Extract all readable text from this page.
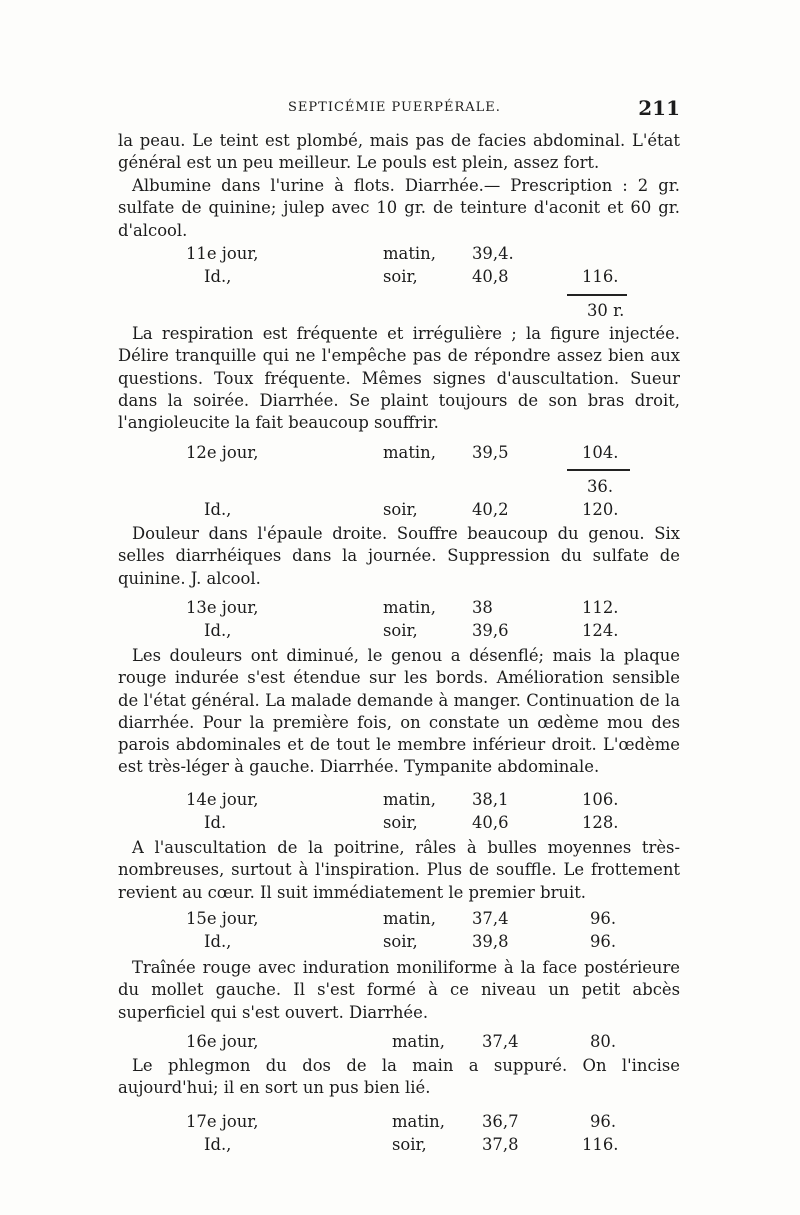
SEPTICÉMIE PUERPÉRALE.	211

la peau. Le teint est plombé, mais pas de facies abdominal. L'état général est un peu meilleur. Le pouls est plein, assez fort.

Albumine dans l'urine à flots. Diarrhée.— Prescription : 2 gr. sulfate de quinine; julep avec 10 gr. de teinture d'aconit et 60 gr. d'alcool.

11e jour,	matin, 39,4.
Id.,	soir,	40,8	116.
30 r.

La respiration est fréquente et irrégulière ; la figure injectée. Délire tranquille qui ne l'empêche pas de répondre assez bien aux questions. Toux fréquente. Mêmes signes d'auscultation. Sueur dans la soirée. Diarrhée. Se plaint toujours de son bras droit, l'angioleucite la fait beaucoup souffrir.

12e jour,	matin, 39,5	104.
36.
Id.,	soir,	40,2	120.

Douleur dans l'épaule droite. Souffre beaucoup du genou. Six selles diarrhéiques dans la journée. Suppression du sulfate de quinine. J. alcool.

13e jour,	matin, 38	112.
Id.,	soir,	39,6	124.

Les douleurs ont diminué, le genou a désenflé; mais la plaque rouge indurée s'est étendue sur les bords. Amélioration sensible de l'état général. La malade demande à manger. Continuation de la diarrhée. Pour la première fois, on constate un œdème mou des parois abdominales et de tout le membre inférieur droit. L'œdème est très-léger à gauche. Diarrhée. Tympanite abdominale.

14e jour,	matin, 38,1	106.
Id.	soir,	40,6	128.

A l'auscultation de la poitrine, râles à bulles moyennes très-nombreuses, surtout à l'inspiration. Plus de souffle. Le frottement revient au cœur. Il suit immédiatement le premier bruit.

15e jour,	matin, 37,4	96.
Id.,	soir,	39,8	96.

Traînée rouge avec induration moniliforme à la face postérieure du mollet gauche. Il s'est formé à ce niveau un petit abcès superficiel qui s'est ouvert. Diarrhée.

16e jour,	matin, 37,4	80.

Le phlegmon du dos de la main a suppuré. On l'incise aujourd'hui; il en sort un pus bien lié.

17e jour,	matin, 36,7	96.
Id.,	soir,	37,8	116.
